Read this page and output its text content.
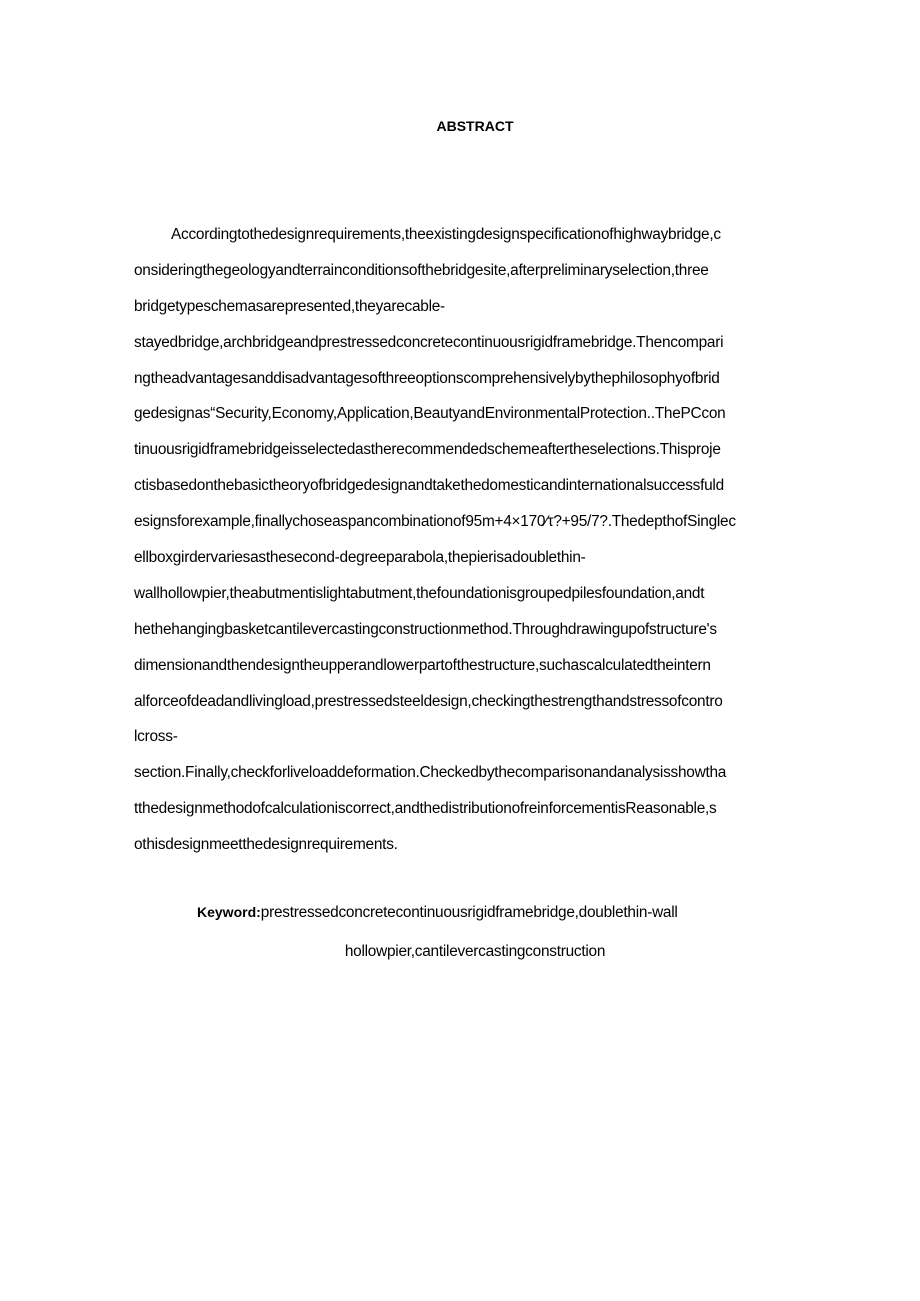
ABSTRACT
Accordingtothedesignrequirements,theexistingdesignspecificationofhighwaybridge,c
onsideringthegeologyandterrainconditionsofthebridgesite,afterpreliminaryselection,three
bridgetypeschemasarepresented,theyarecable-
stayedbridge,archbridgeandprestressedconcretecontinuousrigidframebridge.Thencompari
ngtheadvantagesanddisadvantagesofthreeoptionscomprehensivelybythephilosophyofbrid
gedesignas“Security,Economy,Application,BeautyandEnvironmentalProtection..ThePCcon
tinuousrigidframebridgeisselectedastherecommendedschemeaftertheselections.Thisproje
ctisbasedonthebasictheoryofbridgedesignandtakethedomesticandinternationalsuccessfuld
esignsforexample,finallychoseaspancombinationof95m+4×170∕τ?+95/7?.ThedepthofSinglec
ellboxgirdervariesasthesecond-degreeparabola,thepierisadoublethin-
wallhollowpier,theabutmentislightabutment,thefoundationisgroupedpilesfoundation,andt
hethehangingbasketcantilevercastingconstructionmethod.Throughdrawingupofstructure's
dimensionandthendesigntheupperandlowerpartofthestructure,suchascalculatedtheintern
alforceofdeadandlivingload,prestressedsteeldesign,checkingthestrengthandstressofcontro
lcross-
section.Finally,checkforliveloaddeformation.Checkedbythecomparisonandanalysisshowtha
tthedesignmethodofcalculationiscorrect,andthedistributionofreinforcementisReasonable,s
othisdesignmeetthedesignrequirements.
Keyword:prestressedconcretecontinuousrigidframebridge,doublethin-wall
hollowpier,cantilevercastingconstruction
